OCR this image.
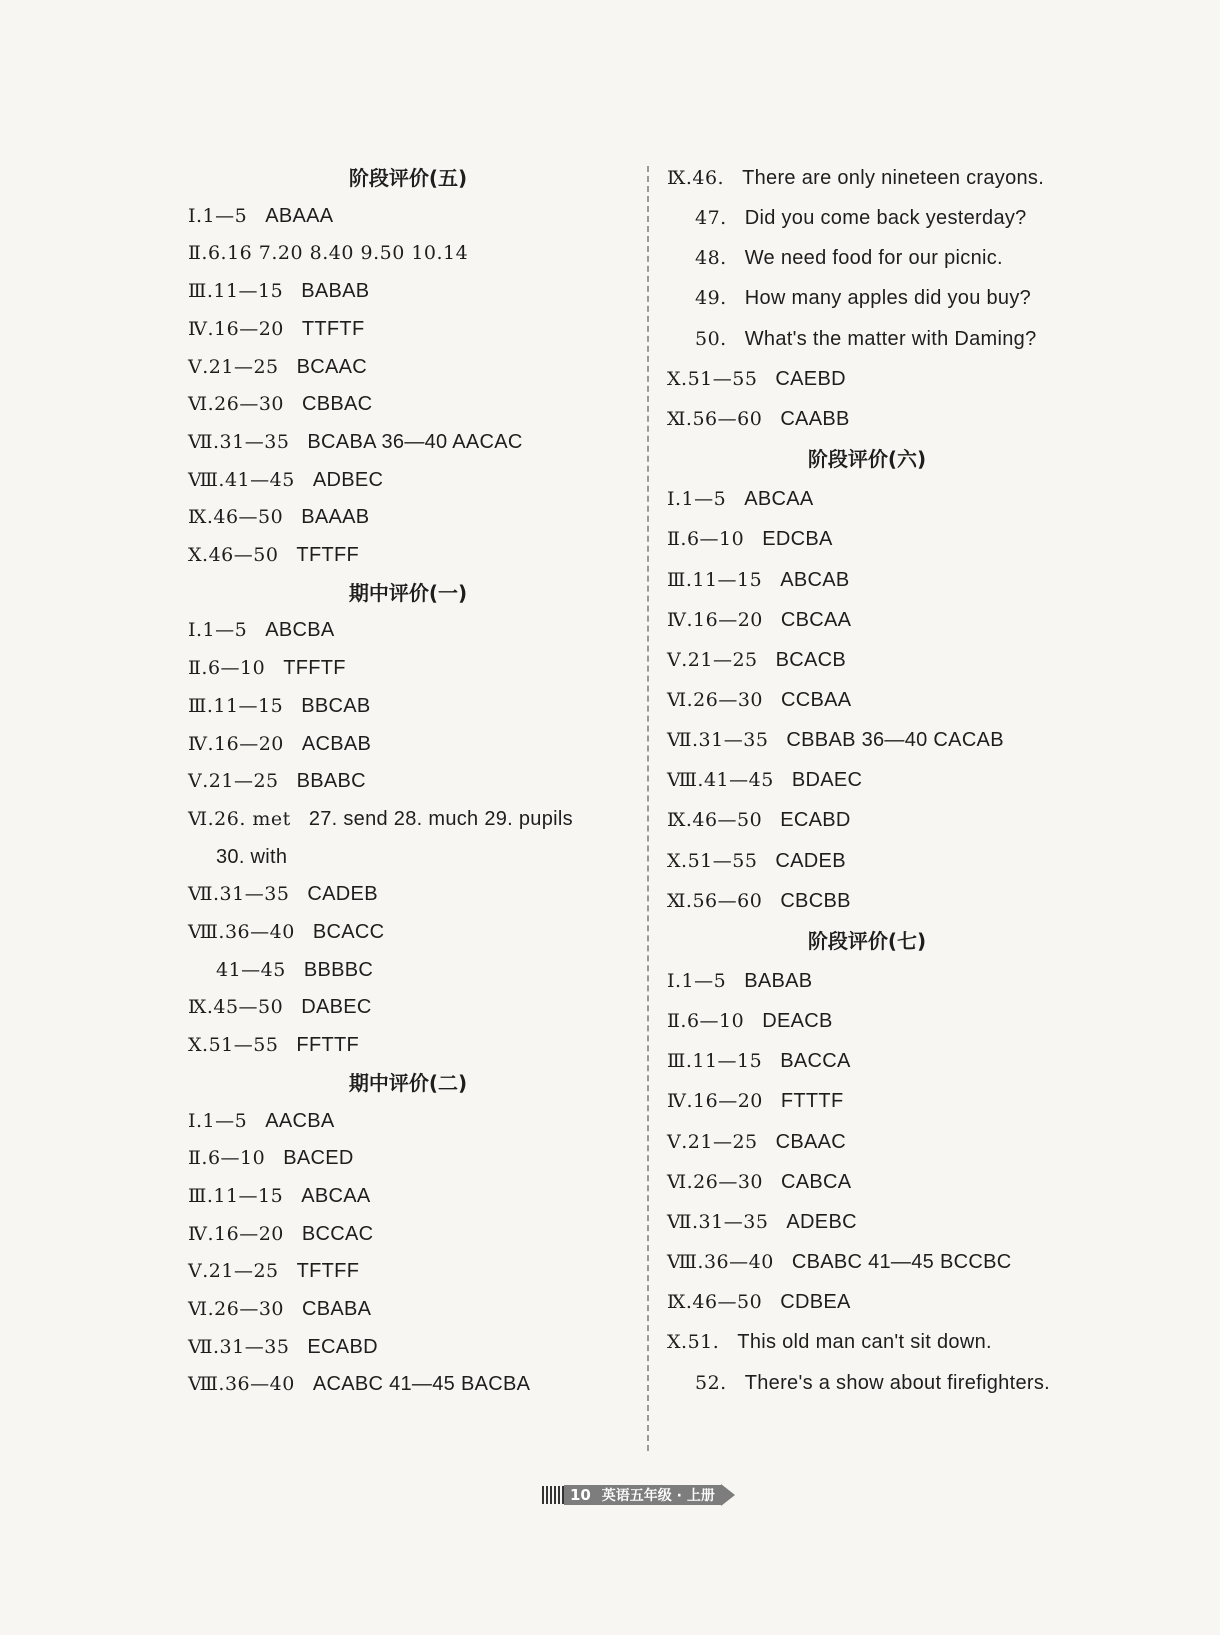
阶段评价(五)
Ⅰ.1—5 ABAAA
Ⅱ.6.16 7.20 8.40 9.50 10.14
Ⅲ.11—15 BABAB
Ⅳ.16—20 TTFTF
Ⅴ.21—25 BCAAC
Ⅵ.26—30 CBBAC
Ⅶ.31—35 BCABA 36—40 AACAC
Ⅷ.41—45 ADBEC
Ⅸ.46—50 BAAAB
Ⅹ.46—50 TFTFF
期中评价(一)
Ⅰ.1—5 ABCBA
Ⅱ.6—10 TFFTF
Ⅲ.11—15 BBCAB
Ⅳ.16—20 ACBAB
Ⅴ.21—25 BBABC
Ⅵ.26. met 27. send 28. much 29. pupils
30. with
Ⅶ.31—35 CADEB
Ⅷ.36—40 BCACC
41—45 BBBBC
Ⅸ.45—50 DABEC
Ⅹ.51—55 FFTTF
期中评价(二)
Ⅰ.1—5 AACBA
Ⅱ.6—10 BACED
Ⅲ.11—15 ABCAA
Ⅳ.16—20 BCCAC
Ⅴ.21—25 TFTFF
Ⅵ.26—30 CBABA
Ⅶ.31—35 ECABD
Ⅷ.36—40 ACABC 41—45 BACBA
Ⅸ.46. There are only nineteen crayons.
47. Did you come back yesterday?
48. We need food for our picnic.
49. How many apples did you buy?
50. What's the matter with Daming?
Ⅹ.51—55 CAEBD
Ⅺ.56—60 CAABB
阶段评价(六)
Ⅰ.1—5 ABCAA
Ⅱ.6—10 EDCBA
Ⅲ.11—15 ABCAB
Ⅳ.16—20 CBCAA
Ⅴ.21—25 BCACB
Ⅵ.26—30 CCBAA
Ⅶ.31—35 CBBAB 36—40 CACAB
Ⅷ.41—45 BDAEC
Ⅸ.46—50 ECABD
Ⅹ.51—55 CADEB
Ⅺ.56—60 CBCBB
阶段评价(七)
Ⅰ.1—5 BABAB
Ⅱ.6—10 DEACB
Ⅲ.11—15 BACCA
Ⅳ.16—20 FTTTF
Ⅴ.21—25 CBAAC
Ⅵ.26—30 CABCA
Ⅶ.31—35 ADEBC
Ⅷ.36—40 CBABC 41—45 BCCBC
Ⅸ.46—50 CDBEA
Ⅹ.51. This old man can't sit down.
52. There's a show about firefighters.
10 英语五年级 · 上册
